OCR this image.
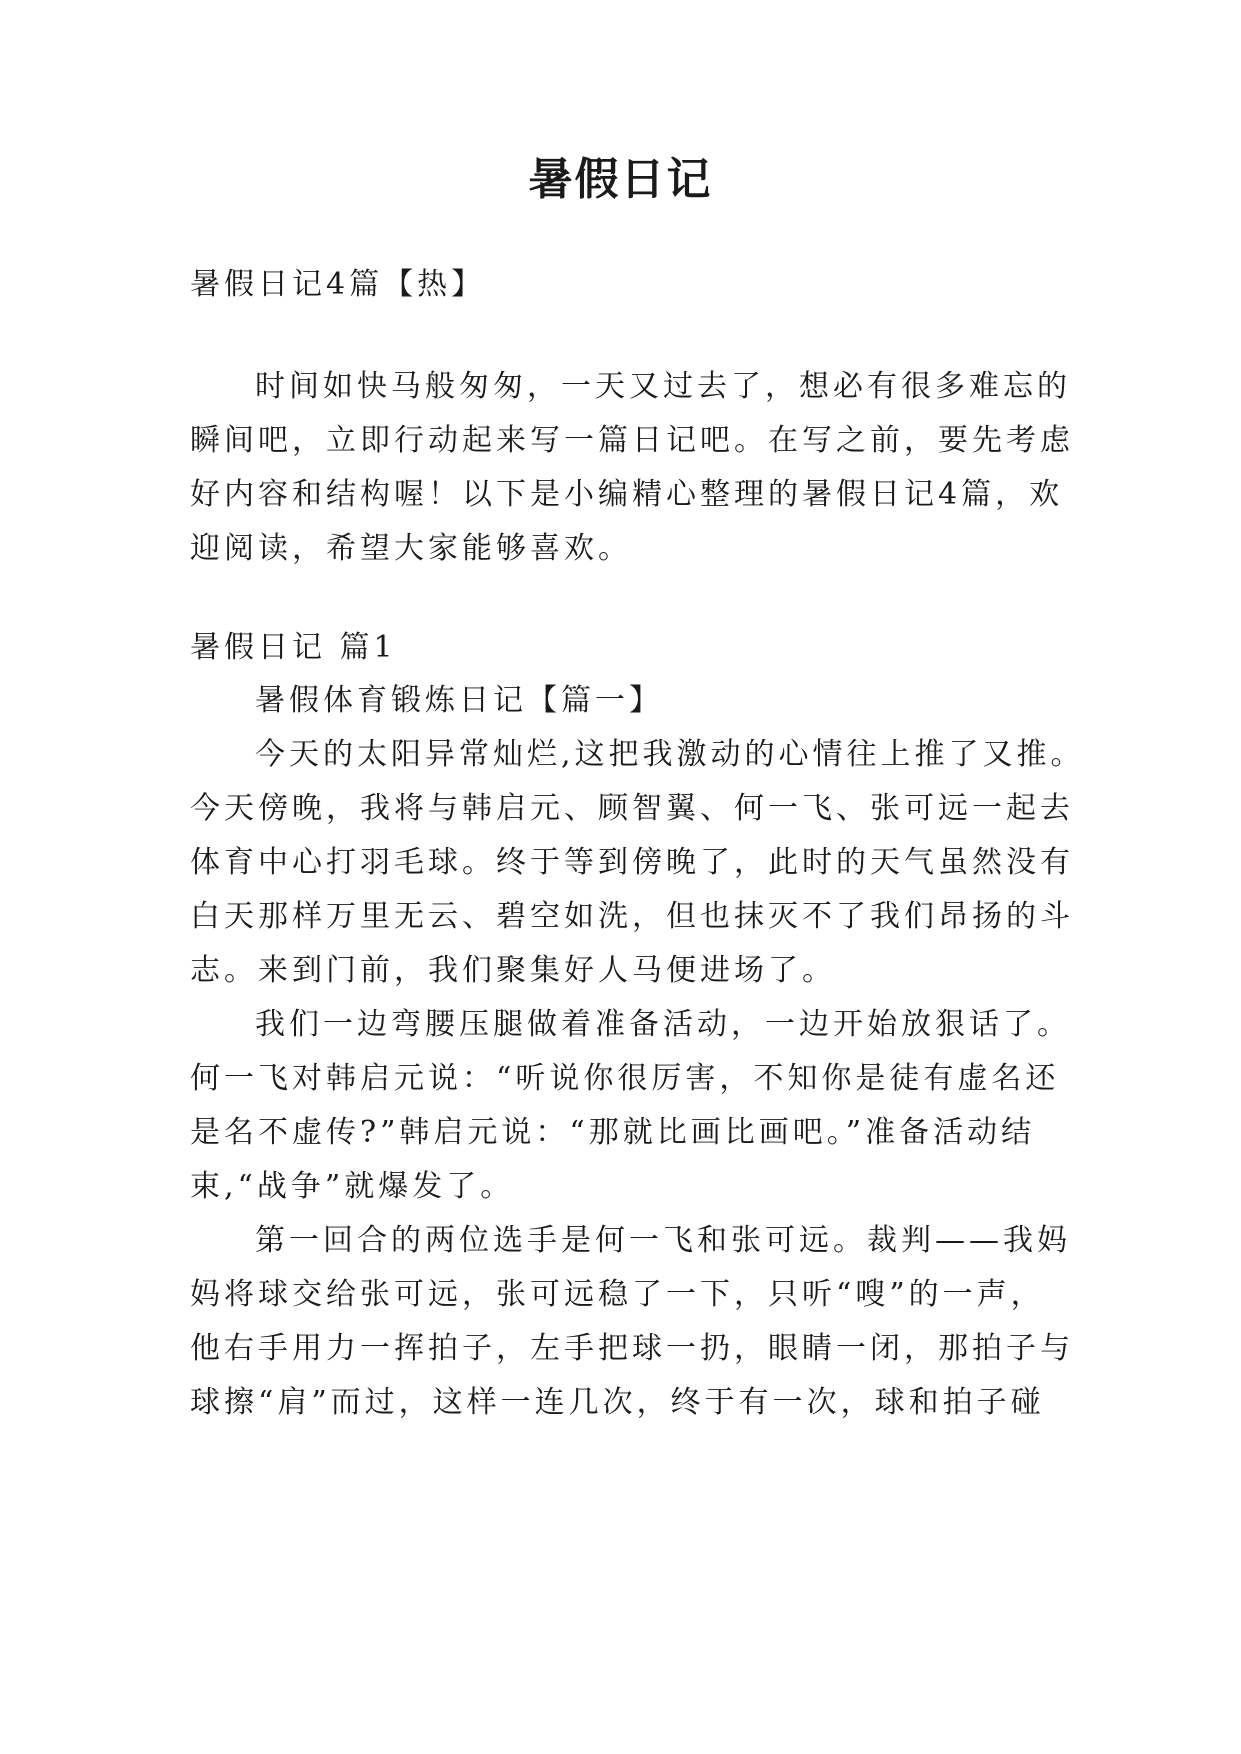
暑假日记
暑假日记4篇【热】
时间如快马般匆匆，一天又过去了，想必有很多难忘的
瞬间吧，立即行动起来写一篇日记吧。在写之前，要先考虑
好内容和结构喔！以下是小编精心整理的暑假日记4篇，欢
迎阅读，希望大家能够喜欢。
暑假日记 篇1
暑假体育锻炼日记【篇一】
今天的太阳异常灿烂,这把我激动的心情往上推了又推。
今天傍晚，我将与韩启元、顾智翼、何一飞、张可远一起去
体育中心打羽毛球。终于等到傍晚了，此时的天气虽然没有
白天那样万里无云、碧空如洗，但也抹灭不了我们昂扬的斗
志。来到门前，我们聚集好人马便进场了。
我们一边弯腰压腿做着准备活动，一边开始放狠话了。
何一飞对韩启元说：“听说你很厉害，不知你是徒有虚名还
是名不虚传?”韩启元说：“那就比画比画吧。”准备活动结
束,“战争”就爆发了。
第一回合的两位选手是何一飞和张可远。裁判——我妈
妈将球交给张可远，张可远稳了一下，只听“嗖”的一声，
他右手用力一挥拍子，左手把球一扔，眼睛一闭，那拍子与
球擦“肩”而过，这样一连几次，终于有一次，球和拍子碰
